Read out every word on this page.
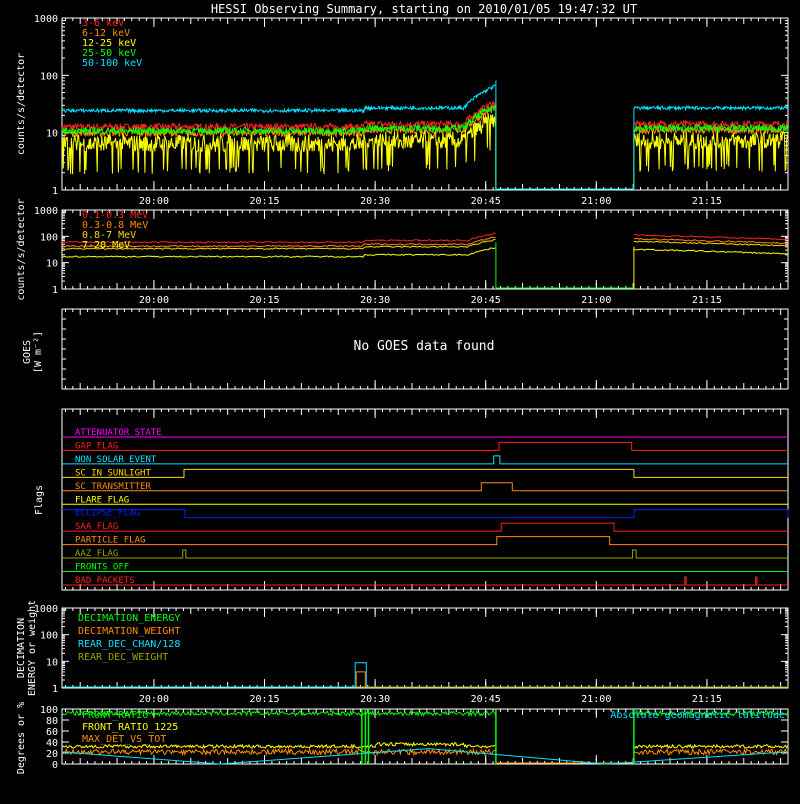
HESSI Observing Summary, starting on 2010/01/05 19:47:32 UT
1
10
100
1000
20:00	20:15	20:30	20:45	21:00	21:15
counts/s/detector
3-6 keV
6-12 keV
12-25 keV
25-50 keV
50-100 keV
1
10
100
1000
20:00	20:15	20:30	20:45	21:00	21:15
counts/s/detector	0.1-0.3 MeV
0.3-0.8 MeV
0.8-7 MeV
7-20 MeV
GOES[W m⁻²]	No GOES data found
Flags
ATTENUATOR_STATE
GAP_FLAG
NON_SOLAR_EVENT
SC_IN_SUNLIGHT
SC_TRANSMITTER
FLARE_FLAG
ECLIPSE_FLAG
SAA_FLAG
PARTICLE_FLAG
AAZ_FLAG
FRONTS_OFF
BAD_PACKETS
1
10
100
1000
20:00	20:15	20:30	20:45	21:00	21:15
DECIMATIONENERGY or weight	DECIMATION_ENERGY
DECIMATION_WEIGHT
REAR_DEC_CHAN/128
REAR_DEC_WEIGHT
0
20
40
60
80
100
Degrees or %	FRONT_RATIO
FRONT_RATIO_1225
MAX_DET_VS_TOT
Absolute geomagnetic latitude
